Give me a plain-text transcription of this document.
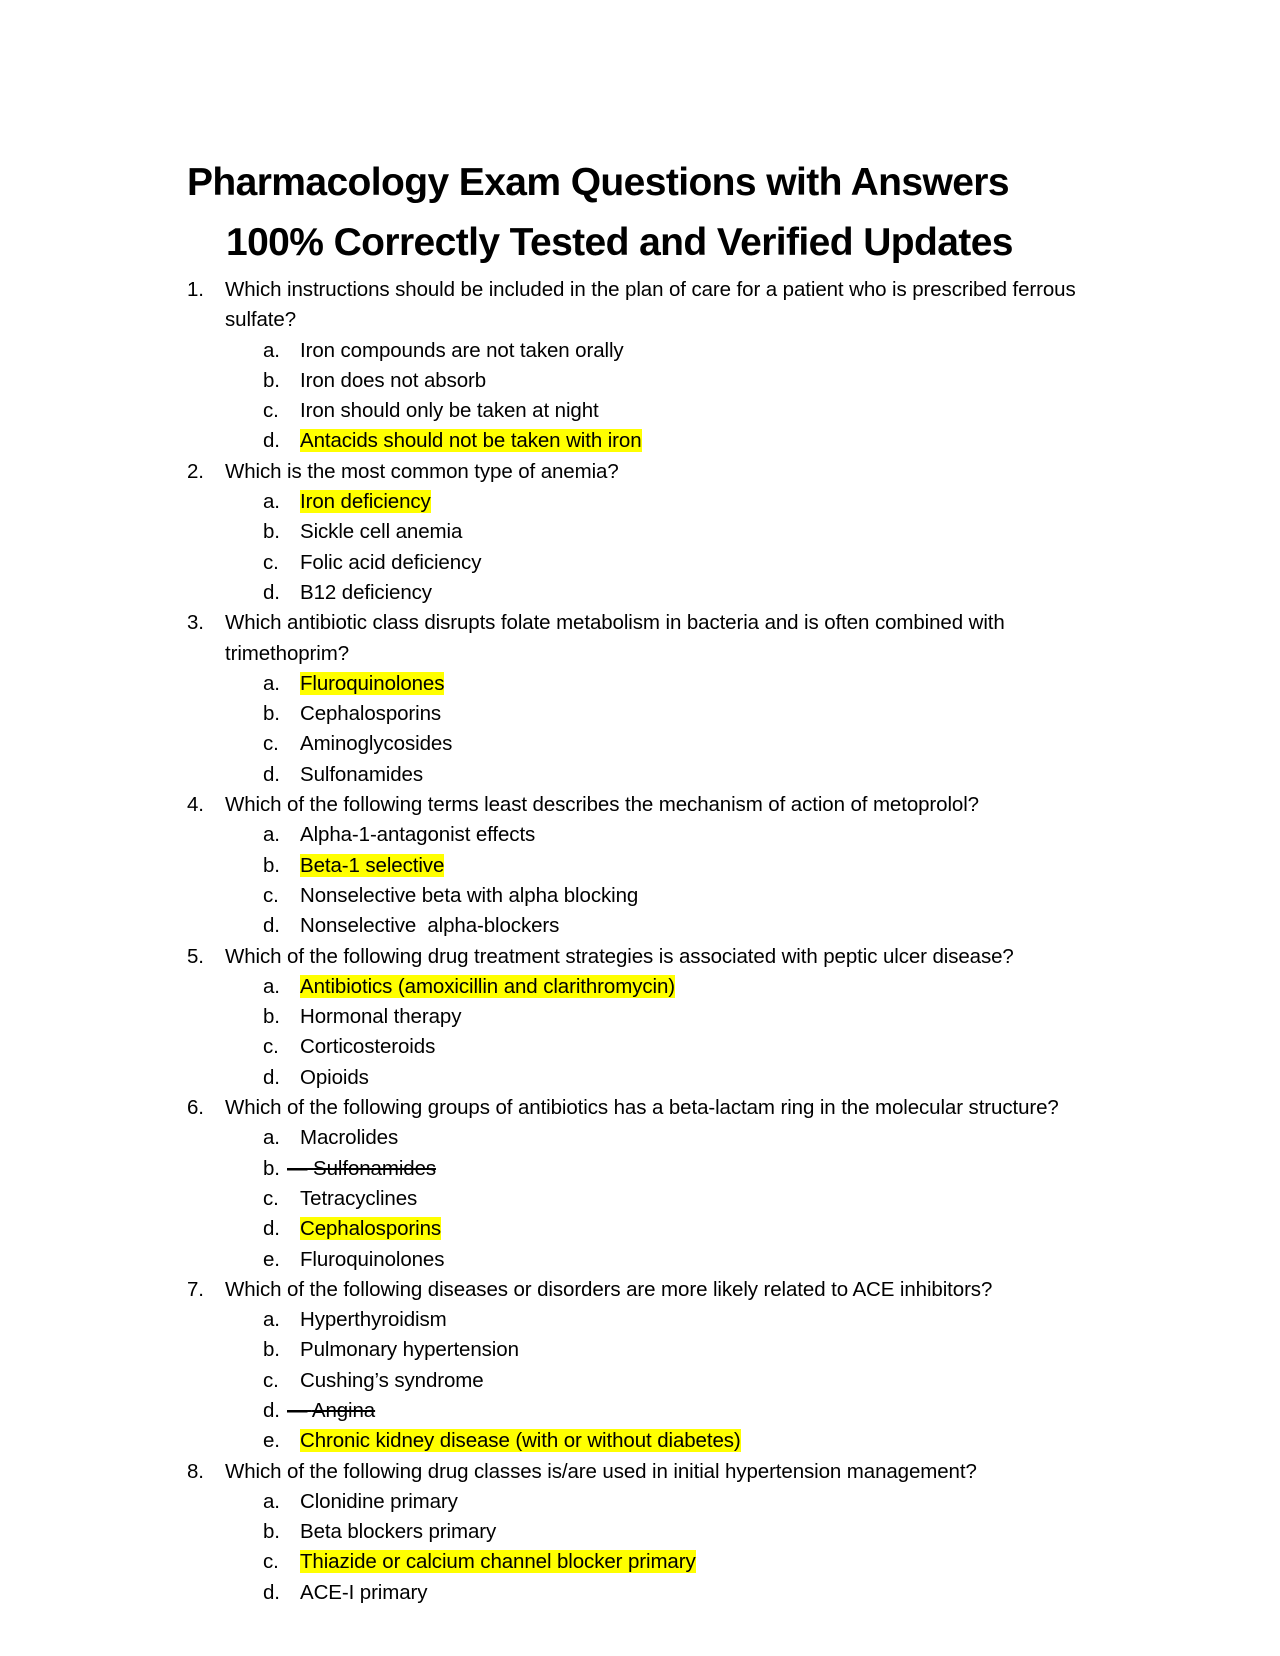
Pharmacology Exam Questions with Answers
100% Correctly Tested and Verified Updates
1. Which instructions should be included in the plan of care for a patient who is prescribed ferrous sulfate?
a. Iron compounds are not taken orally
b. Iron does not absorb
c. Iron should only be taken at night
d. Antacids should not be taken with iron
2. Which is the most common type of anemia?
a. Iron deficiency
b. Sickle cell anemia
c. Folic acid deficiency
d. B12 deficiency
3. Which antibiotic class disrupts folate metabolism in bacteria and is often combined with trimethoprim?
a. Fluroquinolones
b. Cephalosporins
c. Aminoglycosides
d. Sulfonamides
4. Which of the following terms least describes the mechanism of action of metoprolol?
a. Alpha-1-antagonist effects
b. Beta-1 selective
c. Nonselective beta with alpha blocking
d. Nonselective  alpha-blockers
5. Which of the following drug treatment strategies is associated with peptic ulcer disease?
a. Antibiotics (amoxicillin and clarithromycin)
b. Hormonal therapy
c. Corticosteroids
d. Opioids
6. Which of the following groups of antibiotics has a beta-lactam ring in the molecular structure?
a. Macrolides
b. — Sulfonamides
c. Tetracyclines
d. Cephalosporins
e. Fluroquinolones
7. Which of the following diseases or disorders are more likely related to ACE inhibitors?
a. Hyperthyroidism
b. Pulmonary hypertension
c. Cushing’s syndrome
d. — Angina
e. Chronic kidney disease (with or without diabetes)
8. Which of the following drug classes is/are used in initial hypertension management?
a. Clonidine primary
b. Beta blockers primary
c. Thiazide or calcium channel blocker primary
d. ACE-I primary
